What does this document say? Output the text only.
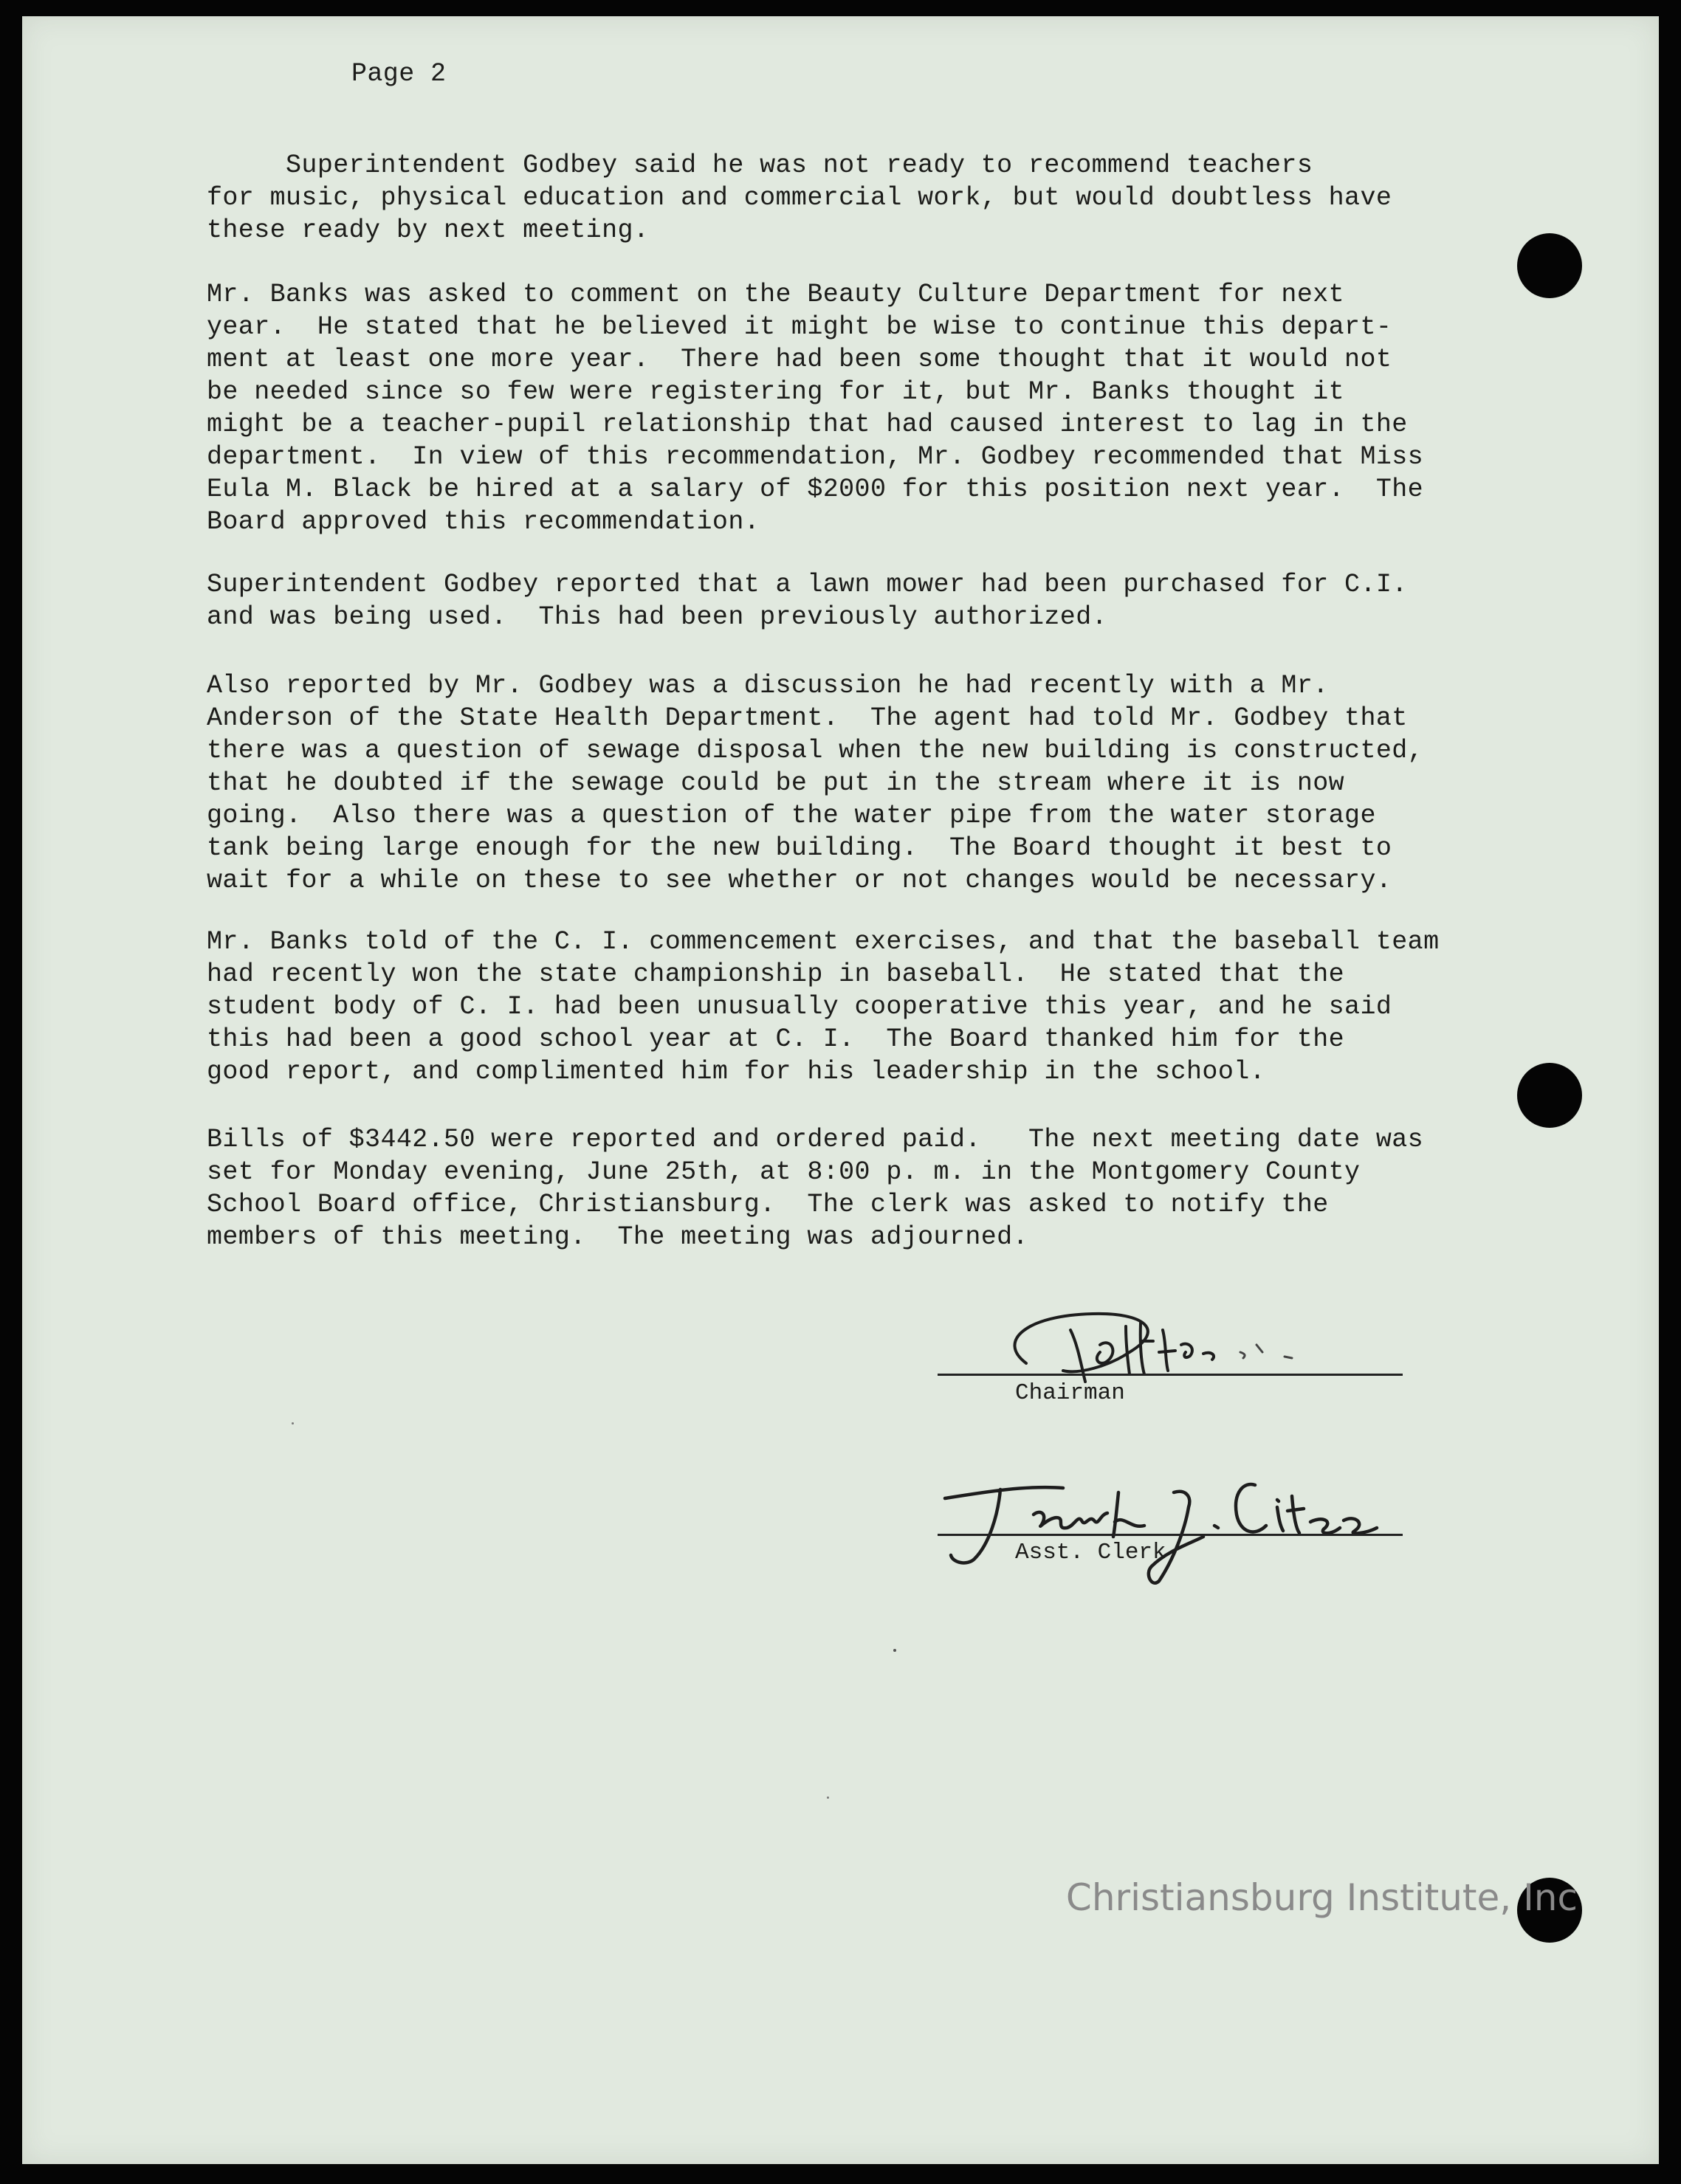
Page 2
Superintendent Godbey said he was not ready to recommend teachers
for music, physical education and commercial work, but would doubtless have
these ready by next meeting.
Mr. Banks was asked to comment on the Beauty Culture Department for next
year.  He stated that he believed it might be wise to continue this depart-
ment at least one more year.  There had been some thought that it would not
be needed since so few were registering for it, but Mr. Banks thought it
might be a teacher-pupil relationship that had caused interest to lag in the
department.  In view of this recommendation, Mr. Godbey recommended that Miss
Eula M. Black be hired at a salary of $2000 for this position next year.  The
Board approved this recommendation.
Superintendent Godbey reported that a lawn mower had been purchased for C.I.
and was being used.  This had been previously authorized.
Also reported by Mr. Godbey was a discussion he had recently with a Mr.
Anderson of the State Health Department.  The agent had told Mr. Godbey that
there was a question of sewage disposal when the new building is constructed,
that he doubted if the sewage could be put in the stream where it is now
going.  Also there was a question of the water pipe from the water storage
tank being large enough for the new building.  The Board thought it best to
wait for a while on these to see whether or not changes would be necessary.
Mr. Banks told of the C. I. commencement exercises, and that the baseball team
had recently won the state championship in baseball.  He stated that the
student body of C. I. had been unusually cooperative this year, and he said
this had been a good school year at C. I.  The Board thanked him for the
good report, and complimented him for his leadership in the school.
Bills of $3442.50 were reported and ordered paid.   The next meeting date was
set for Monday evening, June 25th, at 8:00 p. m. in the Montgomery County
School Board office, Christiansburg.  The clerk was asked to notify the
members of this meeting.  The meeting was adjourned.
Chairman
Asst. Clerk
Christiansburg Institute, Inc
